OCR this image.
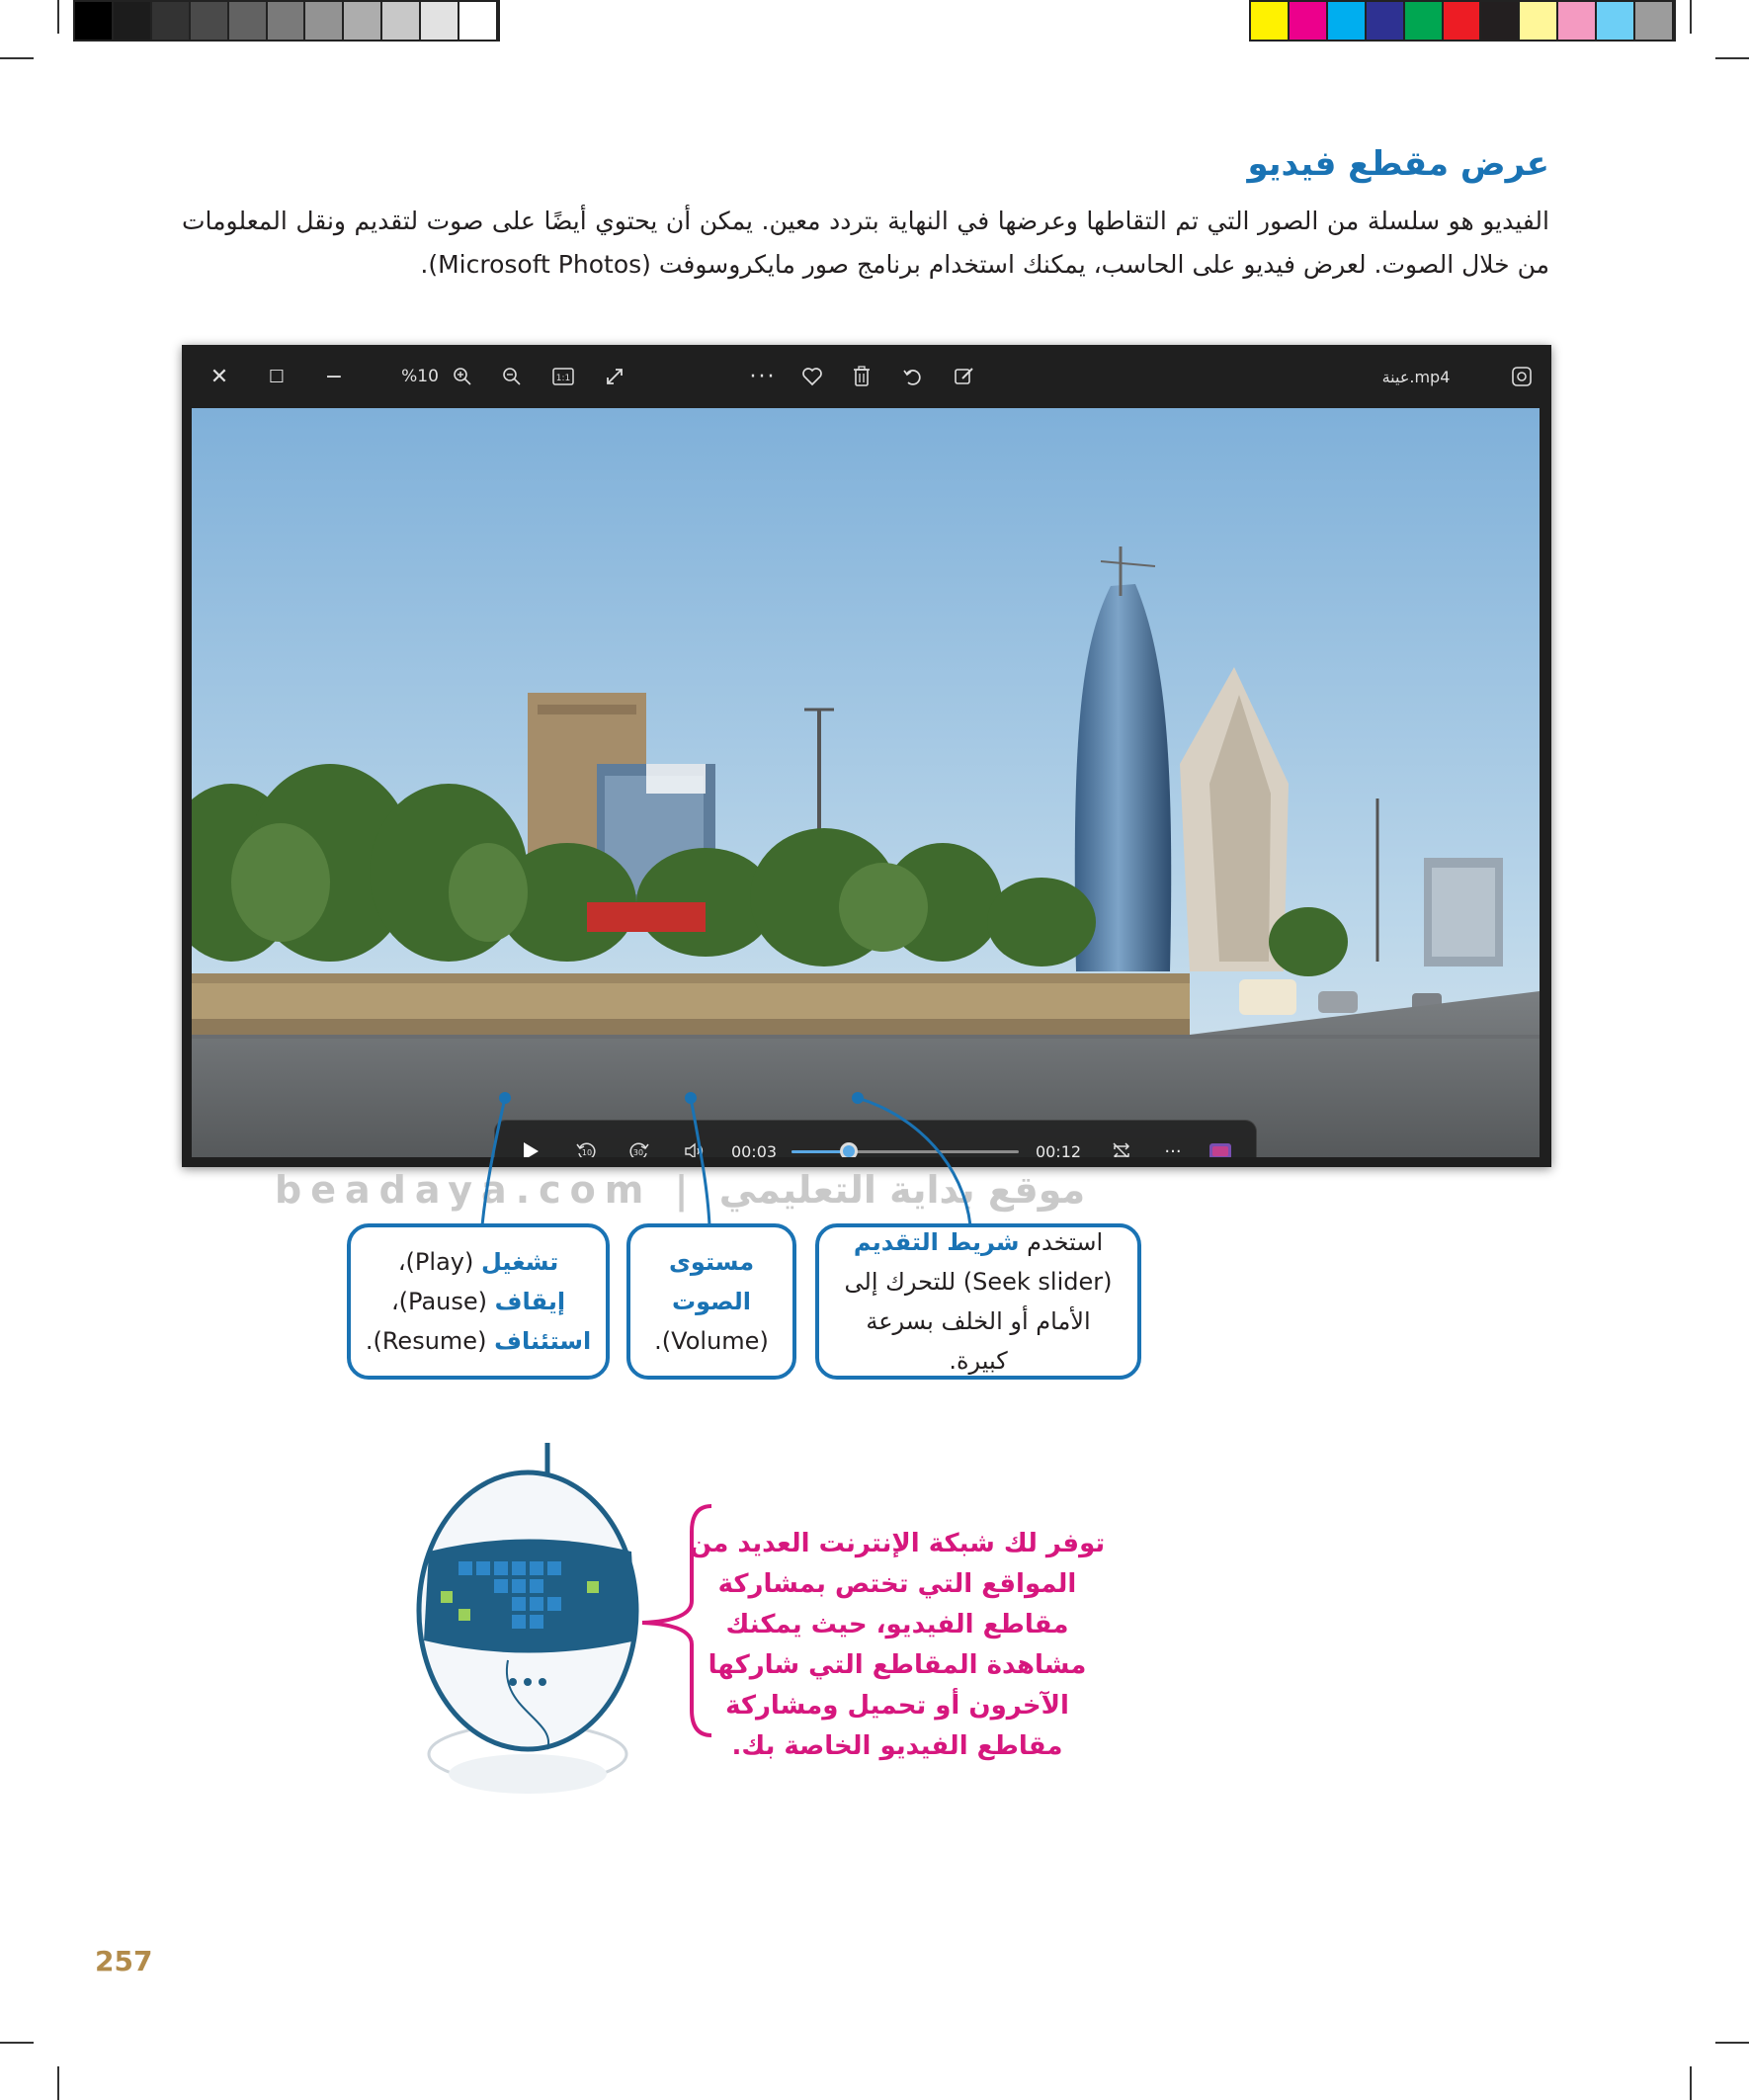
عرض مقطع فيديو

الفيديو هو سلسلة من الصور التي تم التقاطها وعرضها في النهاية بتردد معين. يمكن أن يحتوي أيضًا على صوت لتقديم ونقل المعلومات من خلال الصوت. لعرض فيديو على الحاسب، يمكنك استخدام برنامج صور مايكروسوفت (Microsoft Photos).

✕	☐	−	%10	1:1	···	عينة.mp4
10	30	00:03	00:12	···
beadaya.com | موقع بداية التعليمي
تشغيل (Play)،
إيقاف (Pause)،
استئناف (Resume).
مستوى الصوت
(Volume).
استخدم شريط التقديم (Seek slider) للتحرك إلى الأمام أو الخلف بسرعة كبيرة.
توفر لك شبكة الإنترنت العديد من المواقع التي تختص بمشاركة مقاطع الفيديو، حيث يمكنك مشاهدة المقاطع التي شاركها الآخرون أو تحميل ومشاركة مقاطع الفيديو الخاصة بك.
257
